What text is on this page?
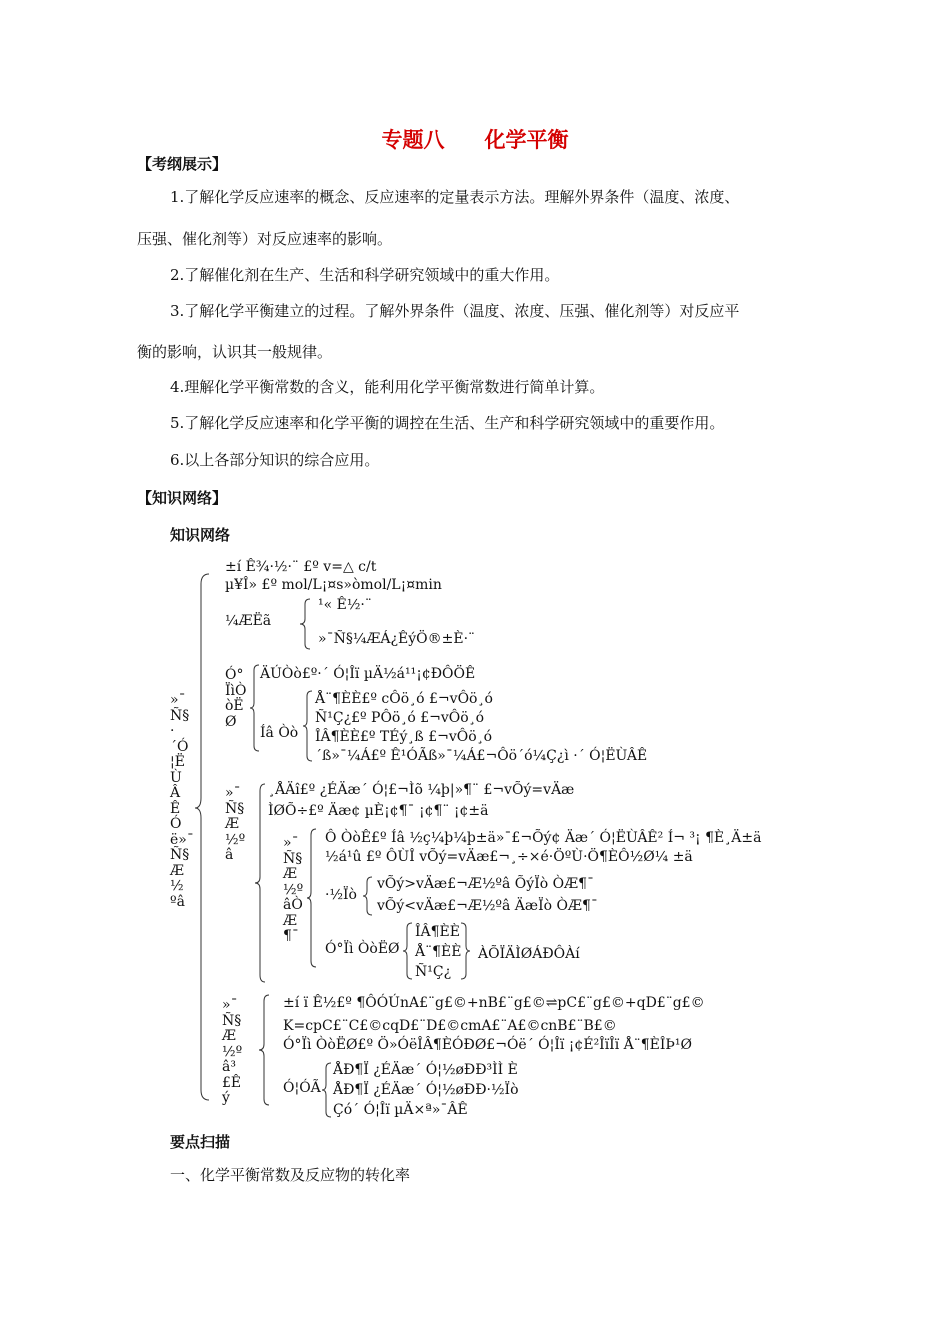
专题八 化学平衡
【考纲展示】
1.了解化学反应速率的概念、反应速率的定量表示方法。理解外界条件（温度、浓度、
压强、催化剂等）对反应速率的影响。
2.了解催化剂在生产、生活和科学研究领域中的重大作用。
3.了解化学平衡建立的过程。了解外界条件（温度、浓度、压强、催化剂等）对反应平
衡的影响，认识其一般规律。
4.理解化学平衡常数的含义，能利用化学平衡常数进行简单计算。
5.了解化学反应速率和化学平衡的调控在生活、生产和科学研究领域中的重要作用。
6.以上各部分知识的综合应用。
【知识网络】
知识网络
»¯Ñ§·´Ó¦ËÙÂÊÓë»¯Ñ§Æ½ºâ
±í Ê¾·½·¨ £º v=△ c/t
µ¥Î» £º mol/L¡¤s»òmol/L¡¤min
¼ÆËã
¹« Ê½·¨
»¯Ñ§¼ÆÁ¿ÊýÖ®±È·¨
Ó°ÏìÒòËØ
ÄÚÒò£º·´ Ó¦Îï µÄ½á¹¹¡¢ÐÔÖÊ
Íâ Òò
Å¨¶ÈÈ£º cÔö¸ó £¬vÔö¸ó
Ñ¹Ç¿£º PÔö¸ó £¬vÔö¸ó
ÎÂ¶ÈÈ£º TÉý¸ß £¬vÔö¸ó
´ß»¯¼Á£º Ê¹ÓÃß»¯¼Á£¬Ôö´ó¼Ç¿ì ·´ Ó¦ËÙÂÊ
»¯Ñ§Æ½ºâ
¸ÅÄî£º ¿ÉÄæ´ Ó¦£¬Ìõ ¼þ|»¶¨ £¬vÕý=vÄæ
ÌØÕ÷£º Äæ¢ µÈ¡¢¶¯ ¡¢¶¨ ¡¢±ä
»¯Ñ§Æ½ºâÒÆ¶¯
Ô ÒòÊ£º Íâ ½ç¼þ¼þ±ä»¯£¬Õý¢ Äæ´ Ó¦ËÙÂÊ² Í¬ ³¡ ¶È¸Ä±ä
½á¹û £º ÔÙÎ vÕý=vÄæ£¬¸÷×é·ÖºÙ·Ö¶ÈÔ½Ø¼ ±ä
·½Ïò
vÕý>vÄæ£¬Æ½ºâ ÕýÏò ÒÆ¶¯
vÕý<vÄæ£¬Æ½ºâ ÄæÏò ÒÆ¶¯
Ó°Ïì ÒòËØ
ÎÂ¶ÈÈ
Å¨¶ÈÈ
Ñ¹Ç¿
ÀÕÏÄÌØÁÐÔÀí
»¯Ñ§Æ½ºâ³£Êý
±í ï Ê½£º ¶ÔÓÚnA£¨g£©+nB£¨g£©⇌pC£¨g£©+qD£¨g£©
K=cpC£¨C£©cqD£¨D£©cmA£¨A£©cnB£¨B£©
Ó°Ïì ÒòËØ£º Ö»ÓëÎÂ¶ÈÓÐØ£¬Óë´ Ó¦Îï ¡¢É²ÎïÎï Å¨¶ÈÎÞ¹Ø
Ó¦ÓÃ
ÅÐ¶Ï ¿ÉÄæ´ Ó¦½øÐÐ³ÌÌ È
ÅÐ¶Ï ¿ÉÄæ´ Ó¦½øÐÐ·½Ïò
Çó´ Ó¦Îï µÄ×ª»¯ÂÊ
要点扫描
一、化学平衡常数及反应物的转化率
